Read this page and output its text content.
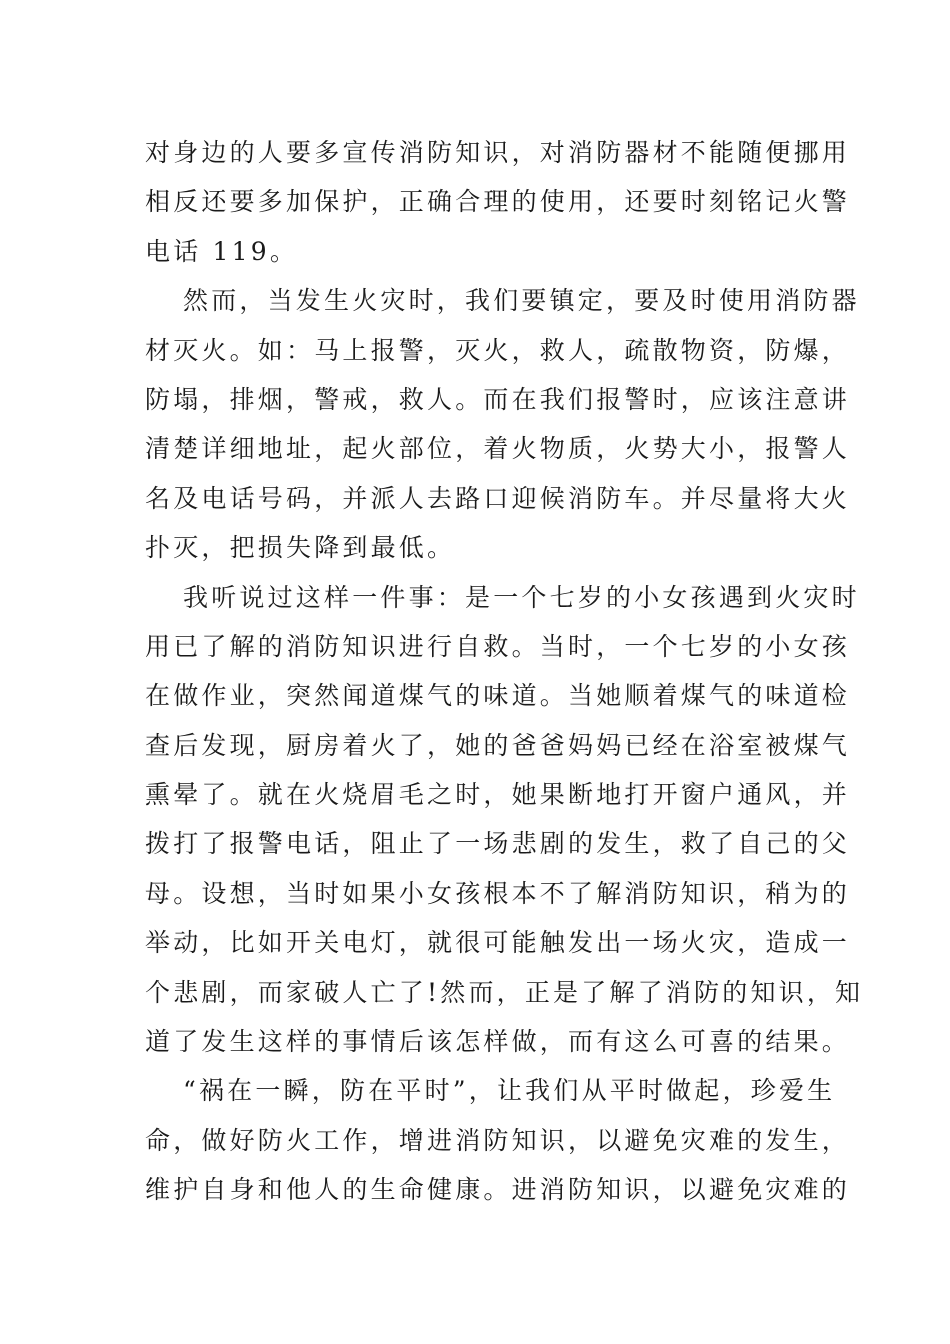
对身边的人要多宣传消防知识，对消防器材不能随便挪用
相反还要多加保护，正确合理的使用，还要时刻铭记火警
电话 119。
然而，当发生火灾时，我们要镇定，要及时使用消防器
材灭火。如：马上报警，灭火，救人，疏散物资，防爆，
防塌，排烟，警戒，救人。而在我们报警时，应该注意讲
清楚详细地址，起火部位，着火物质，火势大小，报警人
名及电话号码，并派人去路口迎候消防车。并尽量将大火
扑灭，把损失降到最低。
我听说过这样一件事：是一个七岁的小女孩遇到火灾时
用已了解的消防知识进行自救。当时，一个七岁的小女孩
在做作业，突然闻道煤气的味道。当她顺着煤气的味道检
查后发现，厨房着火了，她的爸爸妈妈已经在浴室被煤气
熏晕了。就在火烧眉毛之时，她果断地打开窗户通风，并
拨打了报警电话，阻止了一场悲剧的发生，救了自己的父
母。设想，当时如果小女孩根本不了解消防知识，稍为的
举动，比如开关电灯，就很可能触发出一场火灾，造成一
个悲剧，而家破人亡了!然而，正是了解了消防的知识，知
道了发生这样的事情后该怎样做，而有这么可喜的结果。
“祸在一瞬，防在平时”，让我们从平时做起，珍爱生
命，做好防火工作，增进消防知识，以避免灾难的发生，
维护自身和他人的生命健康。进消防知识，以避免灾难的
